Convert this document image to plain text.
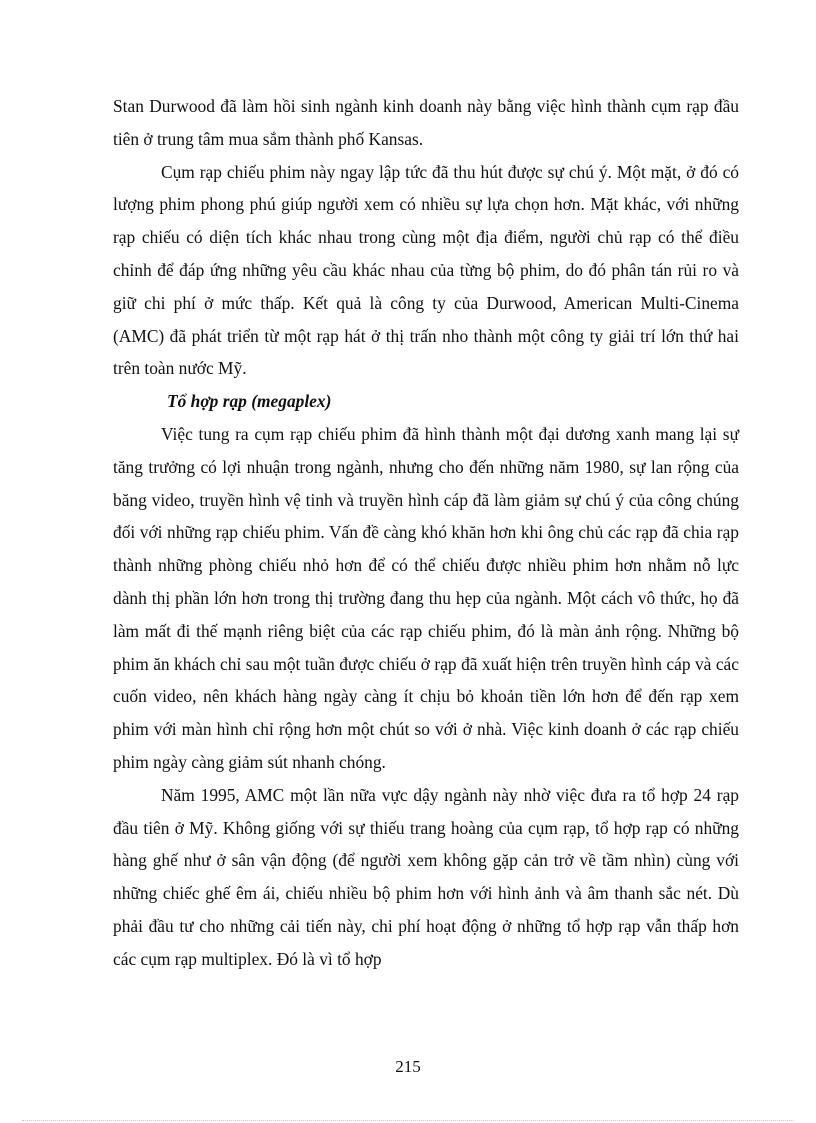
Stan Durwood đã làm hồi sinh ngành kinh doanh này bằng việc hình thành cụm rạp đầu tiên ở trung tâm mua sắm thành phố Kansas.

Cụm rạp chiếu phim này ngay lập tức đã thu hút được sự chú ý. Một mặt, ở đó có lượng phim phong phú giúp người xem có nhiều sự lựa chọn hơn. Mặt khác, với những rạp chiếu có diện tích khác nhau trong cùng một địa điểm, người chủ rạp có thể điều chỉnh để đáp ứng những yêu cầu khác nhau của từng bộ phim, do đó phân tán rủi ro và giữ chi phí ở mức thấp. Kết quả là công ty của Durwood, American Multi-Cinema (AMC) đã phát triển từ một rạp hát ở thị trấn nho thành một công ty giải trí lớn thứ hai trên toàn nước Mỹ.

Tổ hợp rạp (megaplex)

Việc tung ra cụm rạp chiếu phim đã hình thành một đại dương xanh mang lại sự tăng trưởng có lợi nhuận trong ngành, nhưng cho đến những năm 1980, sự lan rộng của băng video, truyền hình vệ tinh và truyền hình cáp đã làm giảm sự chú ý của công chúng đối với những rạp chiếu phim. Vấn đề càng khó khăn hơn khi ông chủ các rạp đã chia rạp thành những phòng chiếu nhỏ hơn để có thể chiếu được nhiều phim hơn nhằm nỗ lực dành thị phần lớn hơn trong thị trường đang thu hẹp của ngành. Một cách vô thức, họ đã làm mất đi thế mạnh riêng biệt của các rạp chiếu phim, đó là màn ảnh rộng. Những bộ phim ăn khách chỉ sau một tuần được chiếu ở rạp đã xuất hiện trên truyền hình cáp và các cuốn video, nên khách hàng ngày càng ít chịu bỏ khoản tiền lớn hơn để đến rạp xem phim với màn hình chỉ rộng hơn một chút so với ở nhà. Việc kinh doanh ở các rạp chiếu phim ngày càng giảm sút nhanh chóng.

Năm 1995, AMC một lần nữa vực dậy ngành này nhờ việc đưa ra tổ hợp 24 rạp đầu tiên ở Mỹ. Không giống với sự thiếu trang hoàng của cụm rạp, tổ hợp rạp có những hàng ghế như ở sân vận động (để người xem không gặp cản trở về tầm nhìn) cùng với những chiếc ghế êm ái, chiếu nhiều bộ phim hơn với hình ảnh và âm thanh sắc nét. Dù phải đầu tư cho những cải tiến này, chi phí hoạt động ở những tổ hợp rạp vẫn thấp hơn các cụm rạp multiplex. Đó là vì tổ hợp

215
